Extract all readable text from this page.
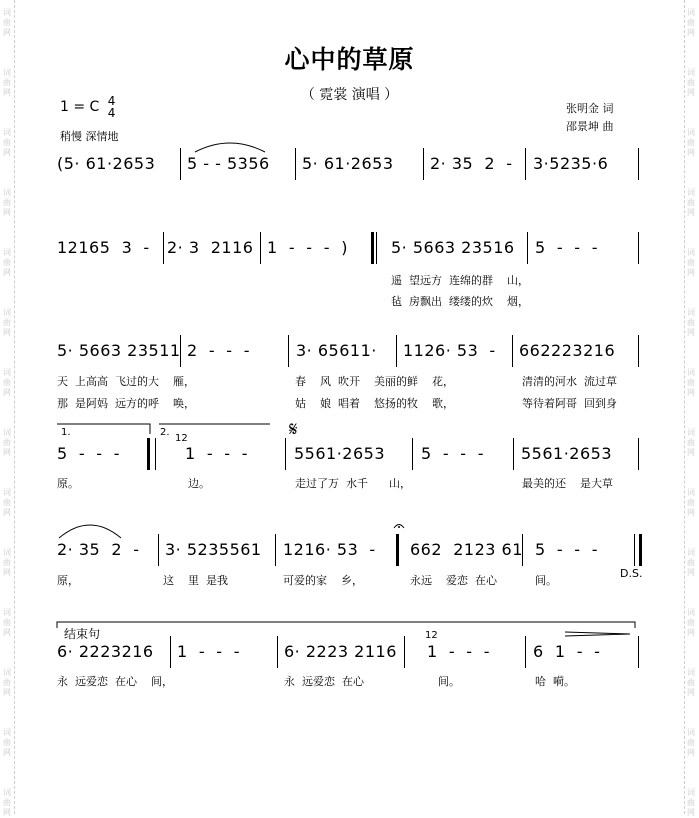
词
曲
网
词
曲
网
词
曲
网
词
曲
网
词
曲
网
词
曲
网
词
曲
网
词
曲
网
词
曲
网
词
曲
网
词
曲
网
词
曲
网
词
曲
网
词
曲
网
词
曲
网
词
曲
网
词
曲
网
词
曲
网
词
曲
网
词
曲
网
词
曲
网
词
曲
网
词
曲
网
词
曲
网
词
曲
网
词
曲
网
词
曲
网
词
曲
网
心中的草原
（ 霓裳 演唱 ）
1 = C 4
4
稍慢 深情地
张明金 词
邵景坤 曲
(5· 61·2653 5 - - 5356 5· 61·2653 2· 35  2  - 3·5235·6
12165  3  - 2· 3  2116 1  -  -  -  )	5· 5663 23516 5  -  -  -
遥  望远方  连绵的群    山，
毡  房飘出  缕缕的炊    烟，
5· 5663 23511 2  -  -  -	3· 65611· 1126· 53  - 662223216
天  上高高  飞过的大    雁，	春    风  吹开    美丽的鲜    花，	清清的河水  流过草
那  是阿妈  远方的呼    唤，	姑    娘  唱着    悠扬的牧    歌，	等待着阿哥  回到身
5  -  -  -	1  -  -  -	5561·2653 5  -  -  - 5561·2653
𝄋
1.	2.
12
原。	边。	走过了万  水千      山，	最美的还    是大草
2· 35  2  - 3· 5235561 1216· 53  - 662  2123 61 5  -  -  -
D.S.
原，	这    里  是我	可爱的家    乡，	永远    爱恋  在心	间。
6· 2223216 1  -  -  -	6· 2223 2116 1  -  -  -	6  1  -  -
结束句	12
永  远爱恋  在心    间，	永  远爱恋  在心	间。	哈  嗬。
